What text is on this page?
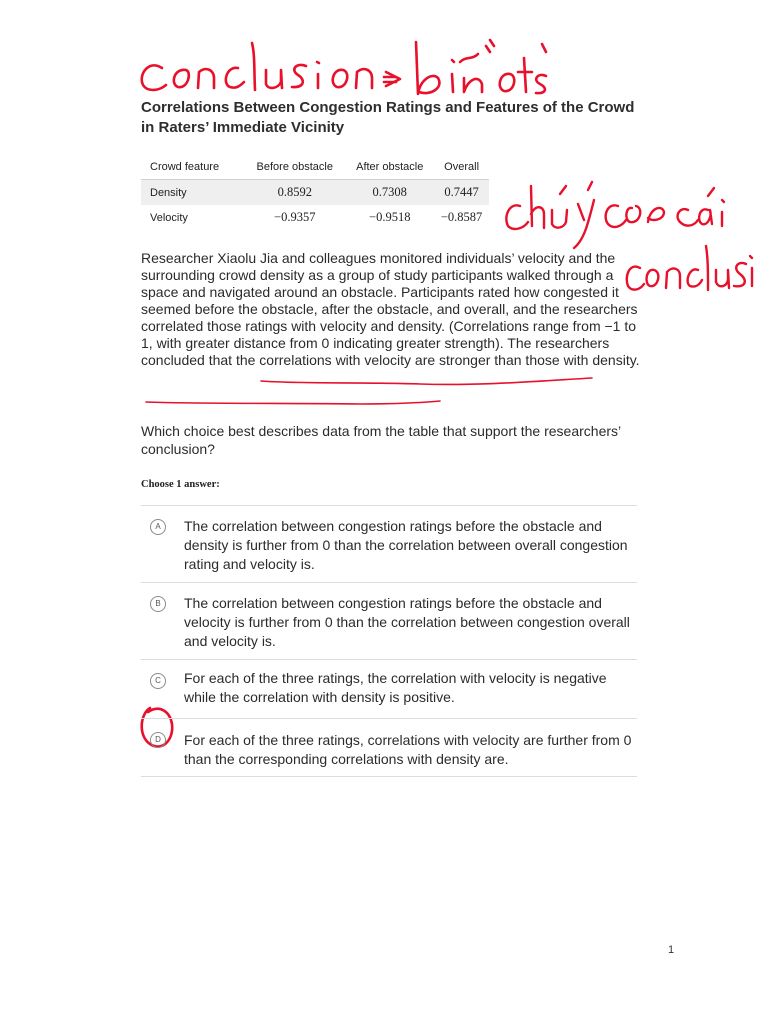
Correlations Between Congestion Ratings and Features of the Crowd in Raters’ Immediate Vicinity
Crowd feature	Before obstacle	After obstacle	Overall
Density	0.8592	0.7308	0.7447
Velocity	−0.9357	−0.9518	−0.8587
Researcher Xiaolu Jia and colleagues monitored individuals’ velocity and the surrounding crowd density as a group of study participants walked through a space and navigated around an obstacle. Participants rated how congested it seemed before the obstacle, after the obstacle, and overall, and the researchers correlated those ratings with velocity and density. (Correlations range from −1 to 1, with greater distance from 0 indicating greater strength). The researchers concluded that the correlations with velocity are stronger than those with density.
Which choice best describes data from the table that support the researchers’ conclusion?
Choose 1 answer:
A	The correlation between congestion ratings before the obstacle and density is further from 0 than the correlation between overall congestion rating and velocity is.
B	The correlation between congestion ratings before the obstacle and velocity is further from 0 than the correlation between congestion overall and velocity is.
C	For each of the three ratings, the correlation with velocity is negative while the correlation with density is positive.
D	For each of the three ratings, correlations with velocity are further from 0 than the corresponding correlations with density are.
1
